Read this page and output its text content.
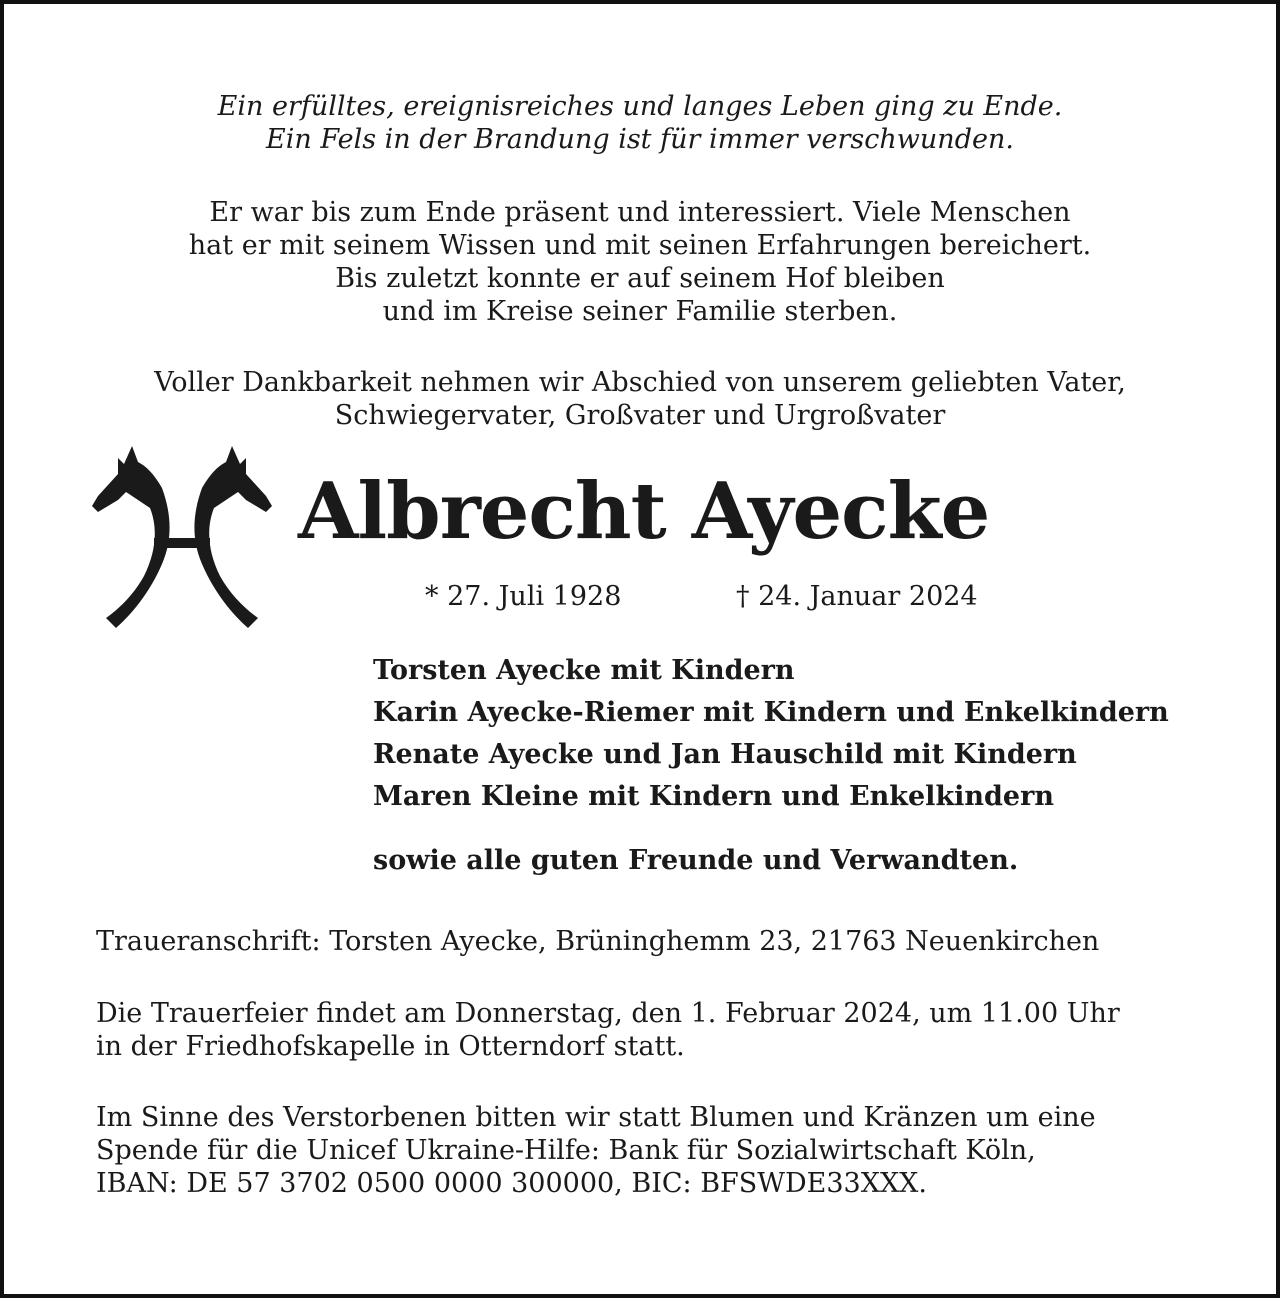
Ein erfülltes, ereignisreiches und langes Leben ging zu Ende.
Ein Fels in der Brandung ist für immer verschwunden.
Er war bis zum Ende präsent und interessiert. Viele Menschen
hat er mit seinem Wissen und mit seinen Erfahrungen bereichert.
Bis zuletzt konnte er auf seinem Hof bleiben
und im Kreise seiner Familie sterben.
Voller Dankbarkeit nehmen wir Abschied von unserem geliebten Vater,
Schwiegervater, Großvater und Urgroßvater
Albrecht Ayecke
* 27. Juli 1928	† 24. Januar 2024
Torsten Ayecke mit Kindern
Karin Ayecke-Riemer mit Kindern und Enkelkindern
Renate Ayecke und Jan Hauschild mit Kindern
Maren Kleine mit Kindern und Enkelkindern
sowie alle guten Freunde und Verwandten.
Traueranschrift: Torsten Ayecke, Brüninghemm 23, 21763 Neuenkirchen
Die Trauerfeier findet am Donnerstag, den 1. Februar 2024, um 11.00 Uhr
in der Friedhofskapelle in Otterndorf statt.
Im Sinne des Verstorbenen bitten wir statt Blumen und Kränzen um eine
Spende für die Unicef Ukraine-Hilfe: Bank für Sozialwirtschaft Köln,
IBAN: DE 57 3702 0500 0000 300000, BIC: BFSWDE33XXX.
